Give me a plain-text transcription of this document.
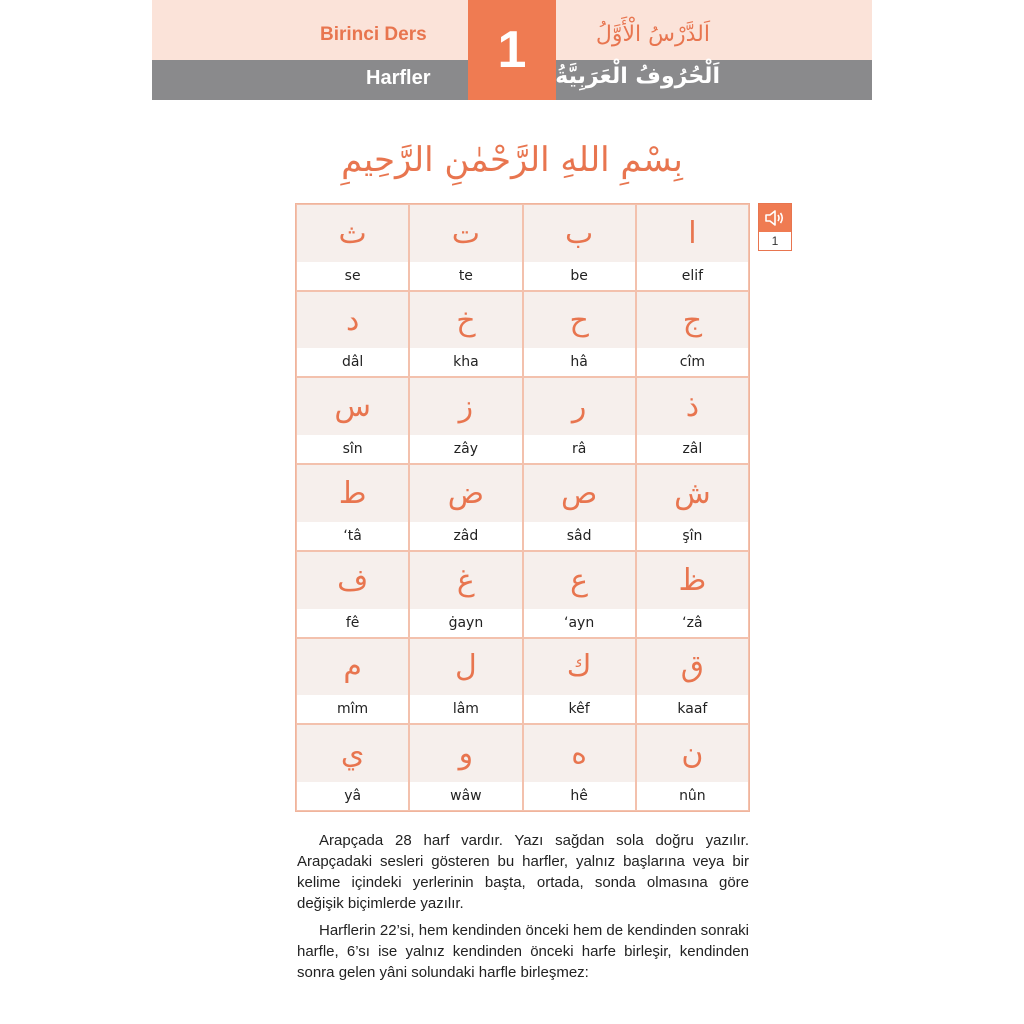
Birinci Ders
Harfler	1	اَلدَّرْسُ الْأَوَّلُ
اَلْحُرُوفُ الْعَرَبِيَّةُ
بِسْمِ اللهِ الرَّحْمٰنِ الرَّحِيمِ
ث
se
ت
te
ب
be
ا
elif
د
dâl
خ
kha
ح
hâ
ج
cîm
س
sîn
ز
zây
ر
râ
ذ
zâl
ط
‘tâ
ض
zâd
ص
sâd
ش
şîn
ف
fê
غ
ġayn
ع
‘ayn
ظ
‘zâ
م
mîm
ل
lâm
ك
kêf
ق
kaaf
ي
yâ
و
wâw
ه
hê
ن
nûn
1

Arapçada 28 harf vardır. Yazı sağdan sola doğru yazılır. Arapçadaki sesleri gösteren bu harfler, yalnız başlarına veya bir kelime içindeki yerlerinin başta, ortada, sonda olmasına göre değişik biçimlerde yazılır.

Harflerin 22’si, hem kendinden önceki hem de kendinden sonraki harfle, 6’sı ise yalnız kendinden önceki harfe birleşir, kendinden sonra gelen yâni solundaki harfle birleşmez:
